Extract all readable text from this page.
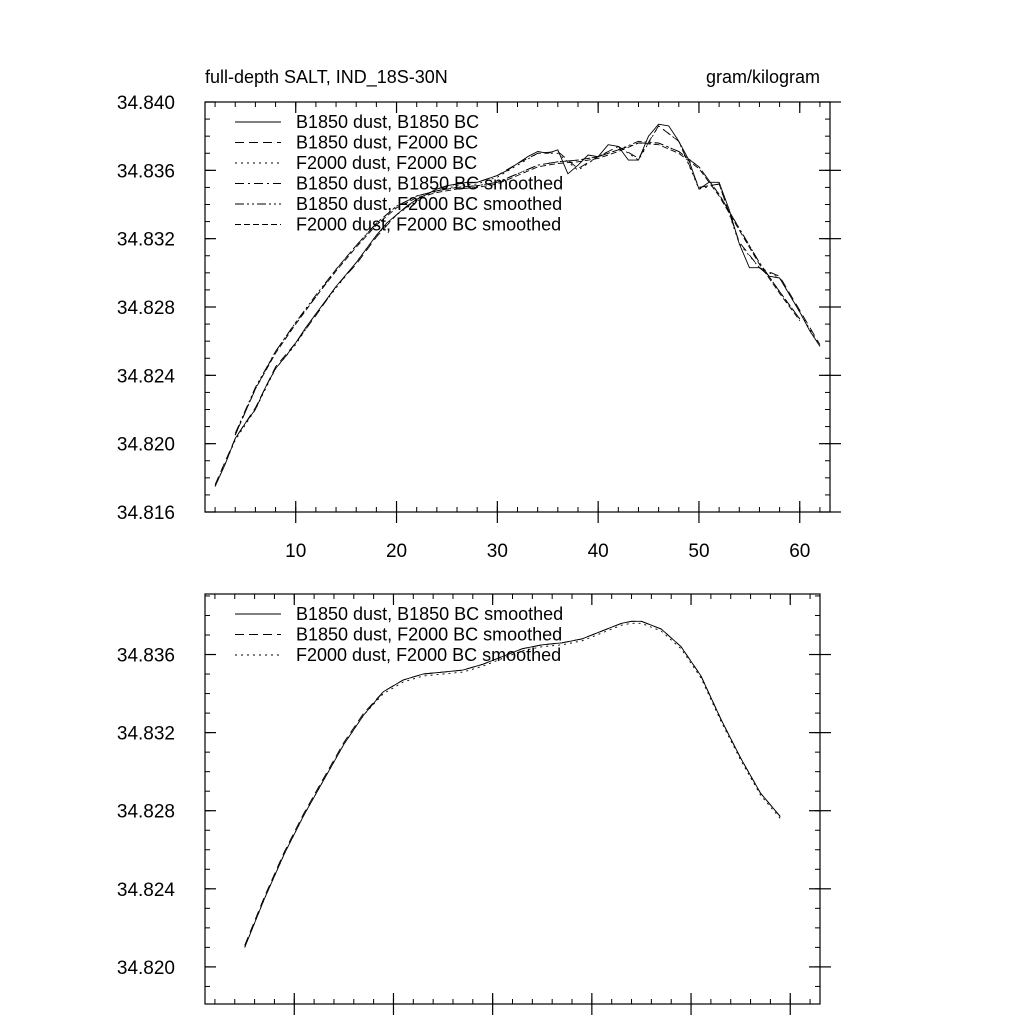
10	20	30	40	50	60
34.816
34.820
34.824
34.828
34.832
34.836
34.840
full-depth SALT, IND_18S-30N	gram/kilogram
B1850 dust, B1850 BC
B1850 dust, F2000 BC
F2000 dust, F2000 BC
B1850 dust, B1850 BC smoothed
B1850 dust, F2000 BC smoothed
F2000 dust, F2000 BC smoothed
34.820
34.824
34.828
34.832
34.836
B1850 dust, B1850 BC smoothed
B1850 dust, F2000 BC smoothed
F2000 dust, F2000 BC smoothed
